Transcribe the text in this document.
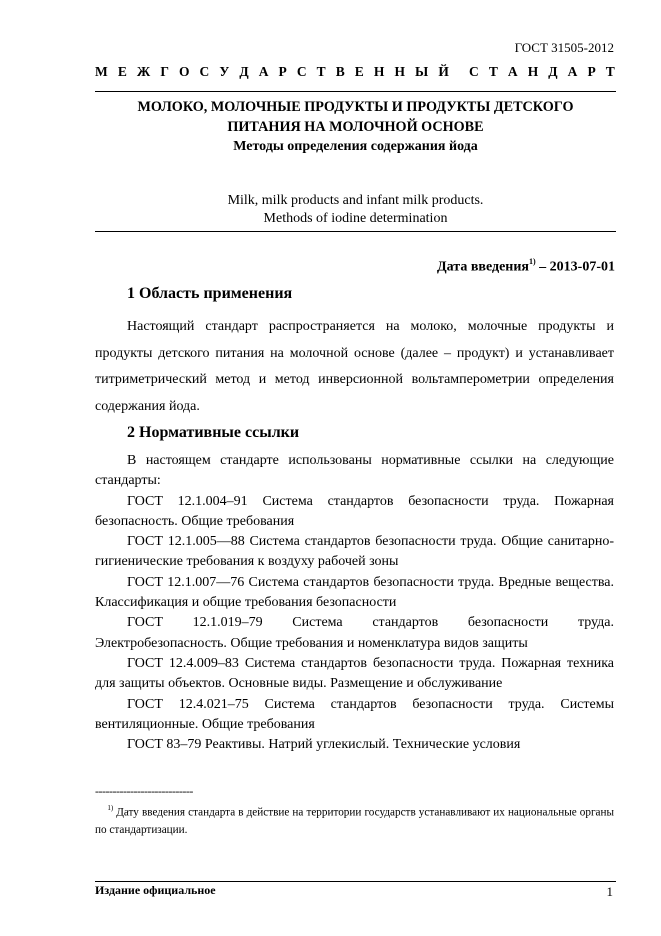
ГОСТ 31505-2012
М Е Ж Г О С У Д А Р С Т В Е Н Н Ы Й С Т А Н Д А Р Т
МОЛОКО, МОЛОЧНЫЕ ПРОДУКТЫ И ПРОДУКТЫ ДЕТСКОГО
ПИТАНИЯ НА МОЛОЧНОЙ ОСНОВЕ
Методы определения содержания йода
Milk, milk products and infant milk products.
Methods of iodine determination
Дата введения$^{1)}$ – 2013-07-01
1 Область применения
Настоящий стандарт распространяется на молоко, молочные продукты и продукты детского питания на молочной основе (далее – продукт) и устанавливает титриметрический метод и метод инверсионной вольтамперометрии определения содержания йода.
2 Нормативные ссылки
В настоящем стандарте использованы нормативные ссылки на следующие стандарты:
ГОСТ 12.1.004–91 Система стандартов безопасности труда. Пожарная безопасность. Общие требования
ГОСТ 12.1.005—88 Система стандартов безопасности труда. Общие санитарно-гигиенические требования к воздуху рабочей зоны
ГОСТ 12.1.007—76 Система стандартов безопасности труда. Вредные вещества. Классификация и общие требования безопасности
ГОСТ 12.1.019–79 Система стандартов безопасности труда. Электробезопасность. Общие требования и номенклатура видов защиты
ГОСТ 12.4.009–83 Система стандартов безопасности труда. Пожарная техника для защиты объектов. Основные виды. Размещение и обслуживание
ГОСТ 12.4.021–75 Система стандартов безопасности труда. Системы вентиляционные. Общие требования
ГОСТ 83–79 Реактивы. Натрий углекислый. Технические условия
----------------------------
$^{1)}$ Дату введения стандарта в действие на территории государств устанавливают их национальные органы по стандартизации.
Издание официальное	1
